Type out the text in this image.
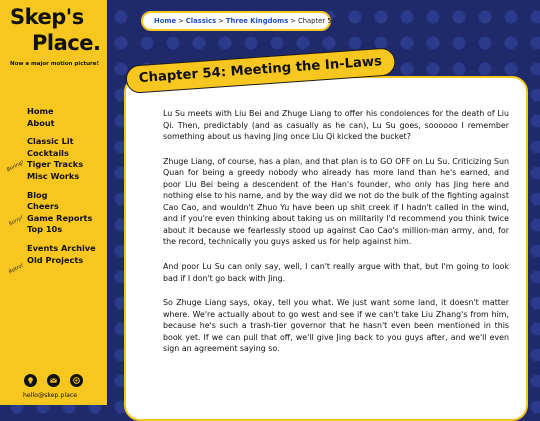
Skep's
Place.
Now a major motion picture!
Home
About
Classic Lit
Cocktails
Tiger Tracks
Misc Works
Blog
Cheers
Game Reports
Top 10s
Events Archive
Old Projects
Boring!
Sorry!
Retro!
hello@skep.place
Home > Classics > Three Kingdoms > Chapter 54
Chapter 54: Meeting the In-Laws

Lu Su meets with Liu Bei and Zhuge Liang to offer his condolences for the death of Liu Qi. Then, predictably (and as casually as he can), Lu Su goes, soooooo I remember something about us having Jing once Liu Qi kicked the bucket?

Zhuge Liang, of course, has a plan, and that plan is to GO OFF on Lu Su. Criticizing Sun Quan for being a greedy nobody who already has more land than he's earned, and poor Liu Bei being a descendent of the Han's founder, who only has Jing here and nothing else to his name, and by the way did we not do the bulk of the fighting against Cao Cao, and wouldn't Zhuo Yu have been up shit creek if I hadn't called in the wind, and if you're even thinking about taking us on militarily I'd recommend you think twice about it because we fearlessly stood up against Cao Cao's million-man army, and, for the record, technically you guys asked us for help against him.

And poor Lu Su can only say, well, I can't really argue with that, but I'm going to look bad if I don't go back with Jing.

So Zhuge Liang says, okay, tell you what. We just want some land, it doesn't matter where. We're actually about to go west and see if we can't take Liu Zhang's from him, because he's such a trash-tier governor that he hasn't even been mentioned in this book yet. If we can pull that off, we'll give Jing back to you guys after, and we'll even sign an agreement saying so.
